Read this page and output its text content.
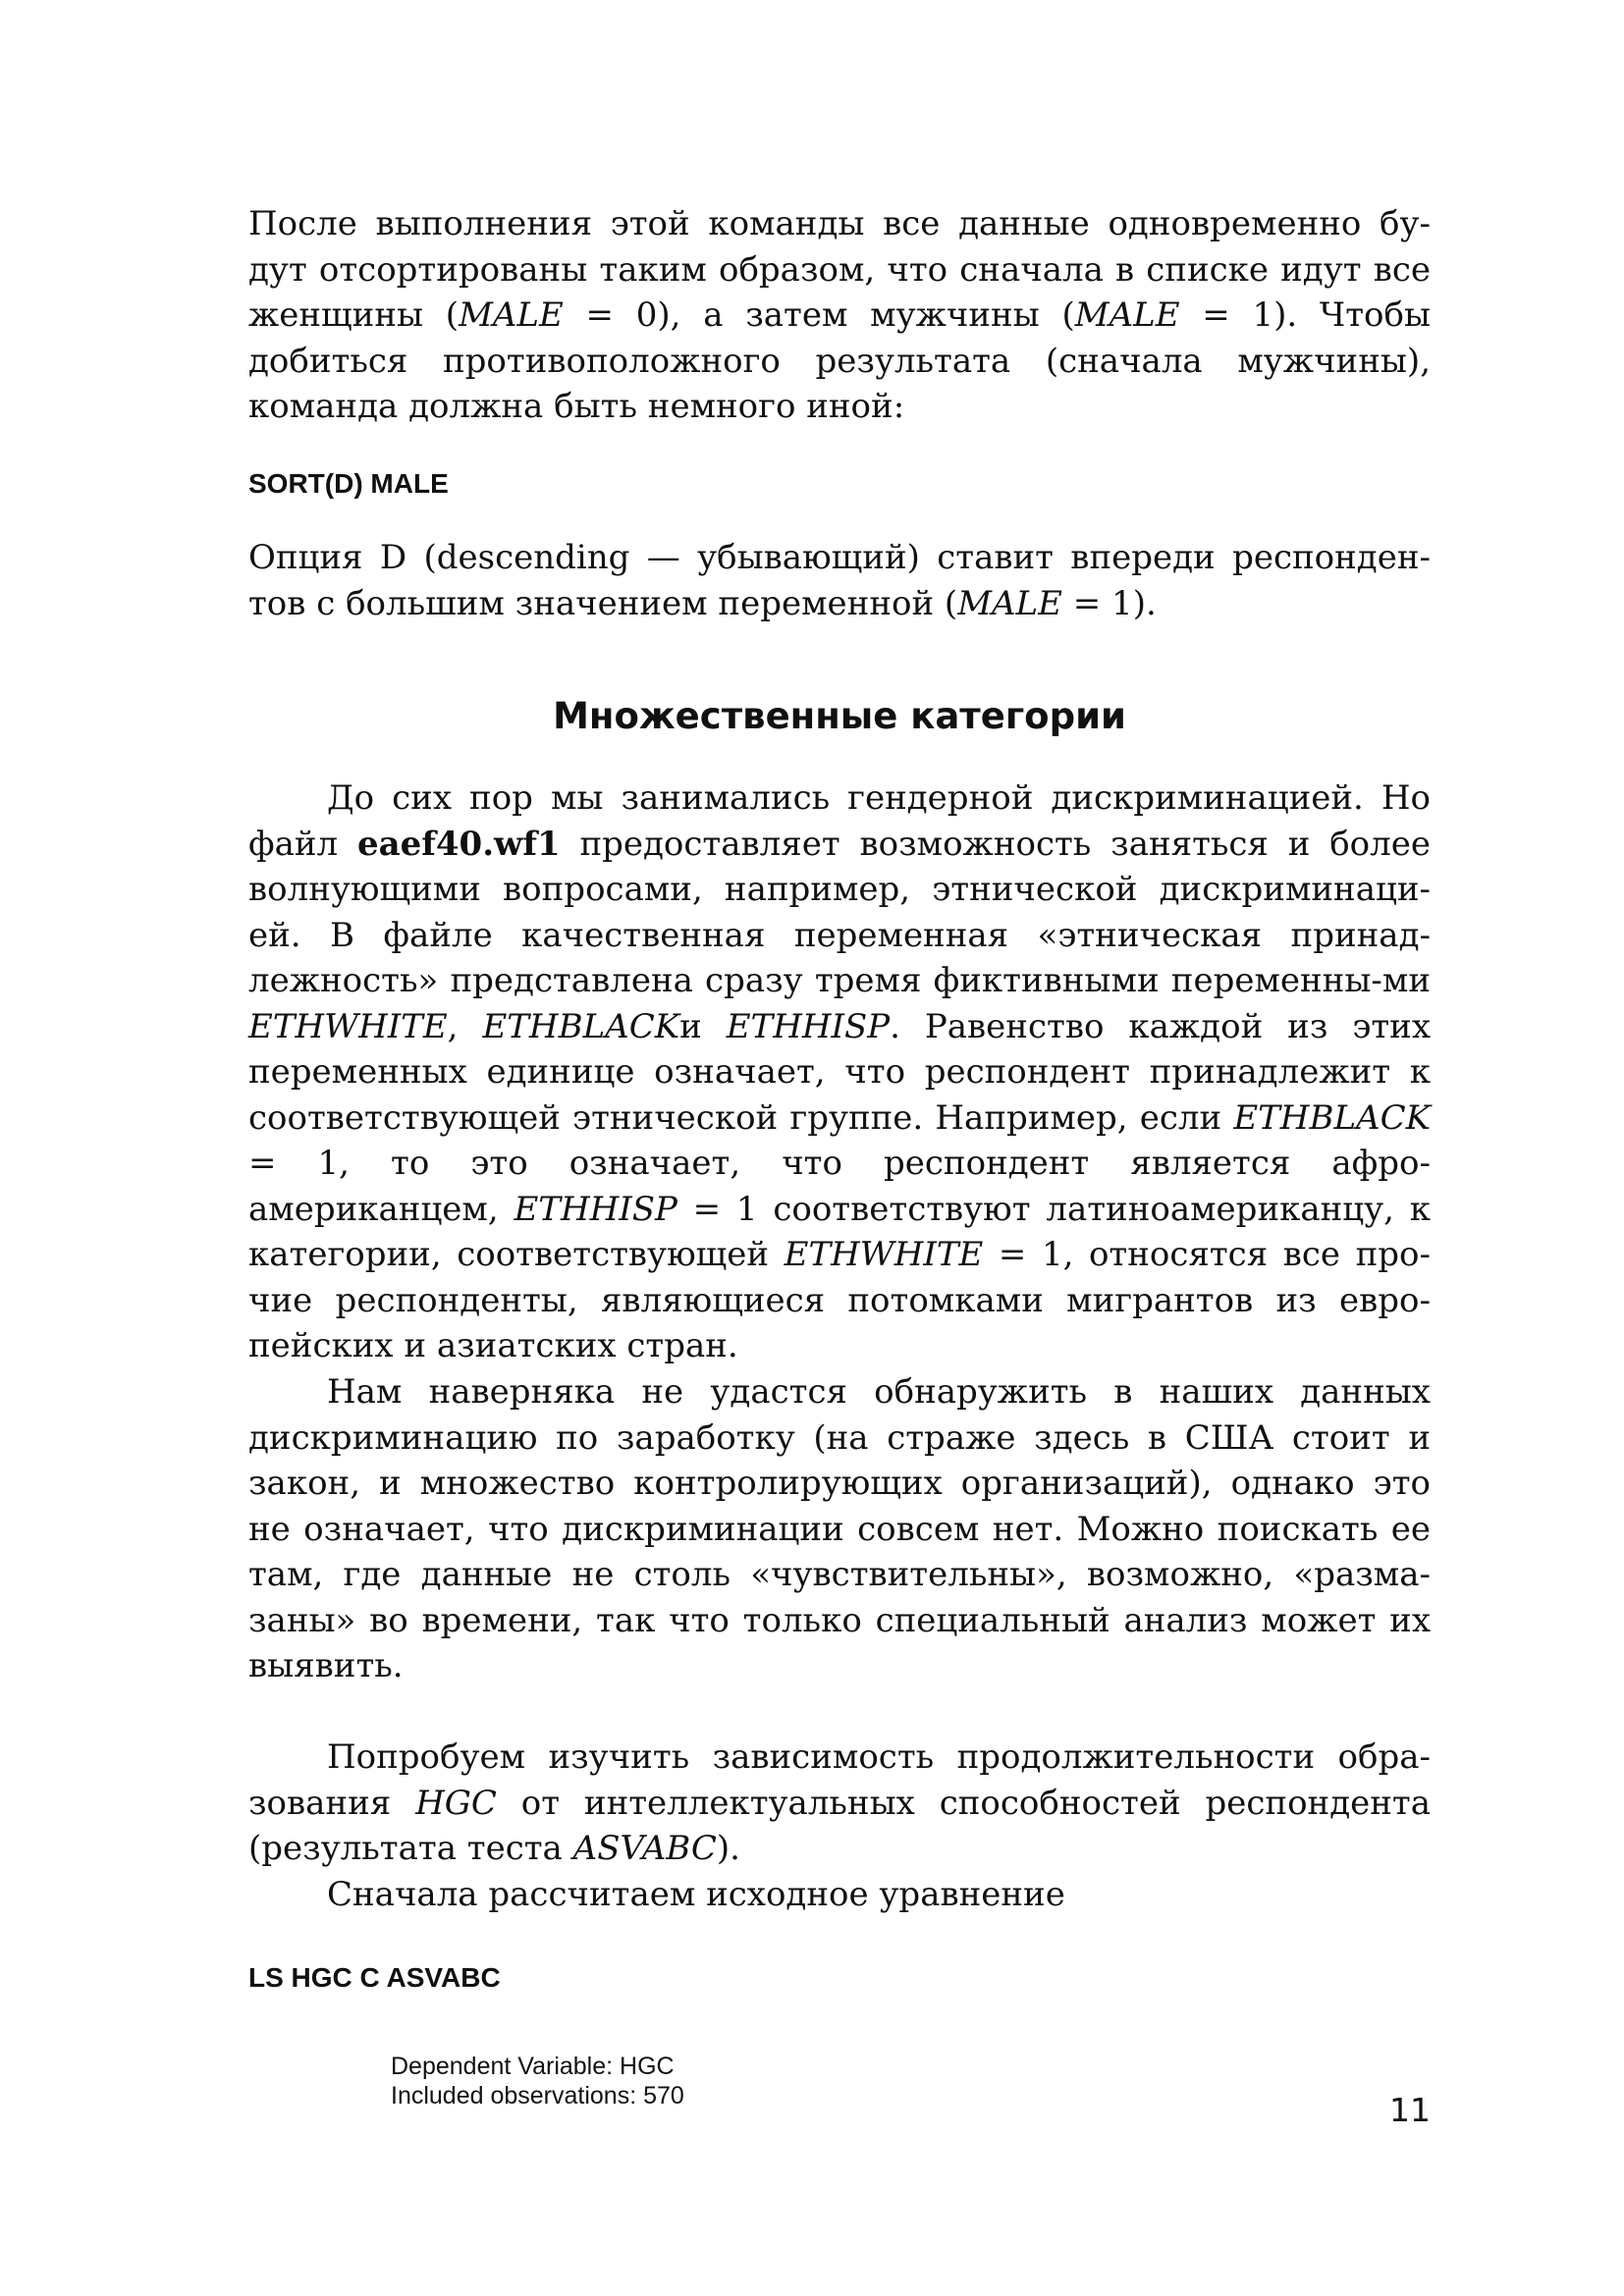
После выполнения этой команды все данные одновременно бу-дут отсортированы таким образом, что сначала в списке идут все женщины (MALE = 0), а затем мужчины (MALE = 1). Чтобы добиться противоположного результата (сначала мужчины), команда должна быть немного иной:

SORT(D) MALE

Опция D (descending — убывающий) ставит впереди респонден-тов с большим значением переменной (MALE = 1).

Множественные категории

До сих пор мы занимались гендерной дискриминацией. Но файл eaef40.wf1 предоставляет возможность заняться и более волнующими вопросами, например, этнической дискриминаци-ей. В файле качественная переменная «этническая принад-лежность» представлена сразу тремя фиктивными переменны-ми ETHWHITE, ETHBLACKи ETHHISP. Равенство каждой из этих переменных единице означает, что респондент принадлежит к соответствующей этнической группе. Например, если ETHBLACK = 1, то это означает, что респондент является афро-американцем, ETHHISP = 1 соответствуют латиноамериканцу, к категории, соответствующей ETHWHITE = 1, относятся все про-чие респонденты, являющиеся потомками мигрантов из евро-пейских и азиатских стран.

Нам наверняка не удастся обнаружить в наших данных дискриминацию по заработку (на страже здесь в США стоит и закон, и множество контролирующих организаций), однако это не означает, что дискриминации совсем нет. Можно поискать ее там, где данные не столь «чувствительны», возможно, «разма-заны» во времени, так что только специальный анализ может их выявить.

Попробуем изучить зависимость продолжительности обра-зования HGC от интеллектуальных способностей респондента (результата теста ASVABC).

Сначала рассчитаем исходное уравнение

LS HGC C ASVABC

Dependent Variable: HGC

Included observations: 570	11
